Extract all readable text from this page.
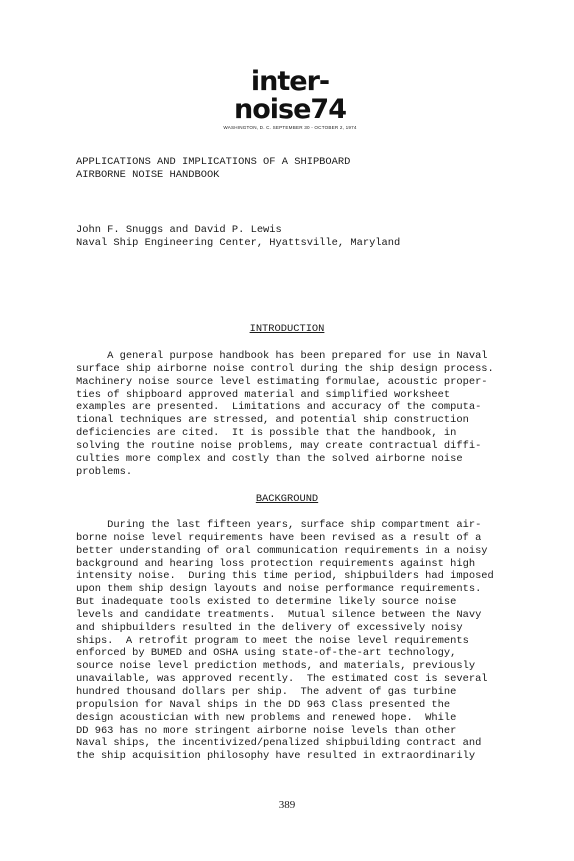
inter-noise74
WASHINGTON, D. C. SEPTEMBER 30 - OCTOBER 2, 1974
APPLICATIONS AND IMPLICATIONS OF A SHIPBOARD
AIRBORNE NOISE HANDBOOK
John F. Snuggs and David P. Lewis
Naval Ship Engineering Center, Hyattsville, Maryland
INTRODUCTION
A general purpose handbook has been prepared for use in Naval
surface ship airborne noise control during the ship design process.
Machinery noise source level estimating formulae, acoustic proper-
ties of shipboard approved material and simplified worksheet
examples are presented.  Limitations and accuracy of the computa-
tional techniques are stressed, and potential ship construction
deficiencies are cited.  It is possible that the handbook, in
solving the routine noise problems, may create contractual diffi-
culties more complex and costly than the solved airborne noise
problems.
BACKGROUND
During the last fifteen years, surface ship compartment air-
borne noise level requirements have been revised as a result of a
better understanding of oral communication requirements in a noisy
background and hearing loss protection requirements against high
intensity noise.  During this time period, shipbuilders had imposed
upon them ship design layouts and noise performance requirements.
But inadequate tools existed to determine likely source noise
levels and candidate treatments.  Mutual silence between the Navy
and shipbuilders resulted in the delivery of excessively noisy
ships.  A retrofit program to meet the noise level requirements
enforced by BUMED and OSHA using state-of-the-art technology,
source noise level prediction methods, and materials, previously
unavailable, was approved recently.  The estimated cost is several
hundred thousand dollars per ship.  The advent of gas turbine
propulsion for Naval ships in the DD 963 Class presented the
design acoustician with new problems and renewed hope.  While
DD 963 has no more stringent airborne noise levels than other
Naval ships, the incentivized/penalized shipbuilding contract and
the ship acquisition philosophy have resulted in extraordinarily
389
